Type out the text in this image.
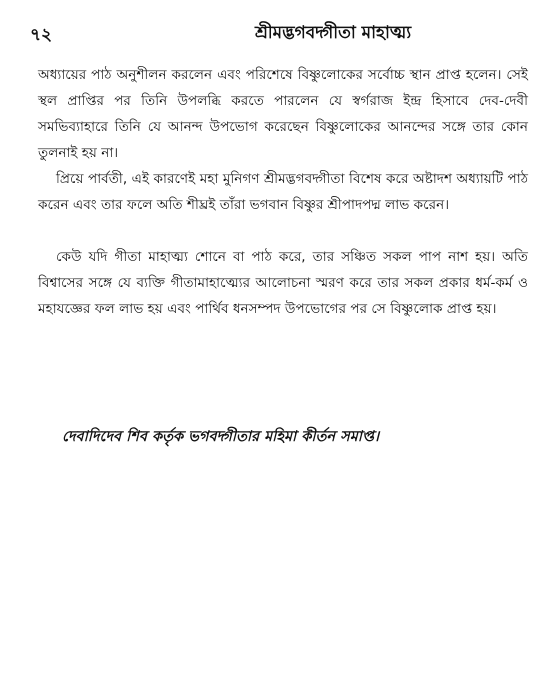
৭২	শ্রীমদ্ভগবদ্গীতা মাহাত্ম্য

অধ্যায়ের পাঠ অনুশীলন করলেন এবং পরিশেষে বিষ্ণুলোকের সর্বোচ্চ স্থান প্রাপ্ত হলেন। সেই স্থল প্রাপ্তির পর তিনি উপলব্ধি করতে পারলেন যে স্বর্গরাজ ইন্দ্র হিসাবে দেব-দেবী সমভিব্যাহারে তিনি যে আনন্দ উপভোগ করেছেন বিষ্ণুলোকের আনন্দের সঙ্গে তার কোন তুলনাই হয় না।

প্রিয়ে পার্বতী, এই কারণেই মহা মুনিগণ শ্রীমদ্ভগবদ্গীতা বিশেষ করে অষ্টাদশ অধ্যায়টি পাঠ করেন এবং তার ফলে অতি শীঘ্রই তাঁরা ভগবান বিষ্ণুর শ্রীপাদপদ্ম লাভ করেন।

কেউ যদি গীতা মাহাত্ম্য শোনে বা পাঠ করে, তার সঞ্চিত সকল পাপ নাশ হয়। অতি বিশ্বাসের সঙ্গে যে ব্যক্তি গীতামাহাত্ম্যের আলোচনা স্মরণ করে তার সকল প্রকার ধর্ম-কর্ম ও মহাযজ্ঞের ফল লাভ হয় এবং পার্থিব ধনসম্পদ উপভোগের পর সে বিষ্ণুলোক প্রাপ্ত হয়।

দেবাদিদেব শিব কর্তৃক ভগবদ্গীতার মহিমা কীর্তন সমাপ্ত।
